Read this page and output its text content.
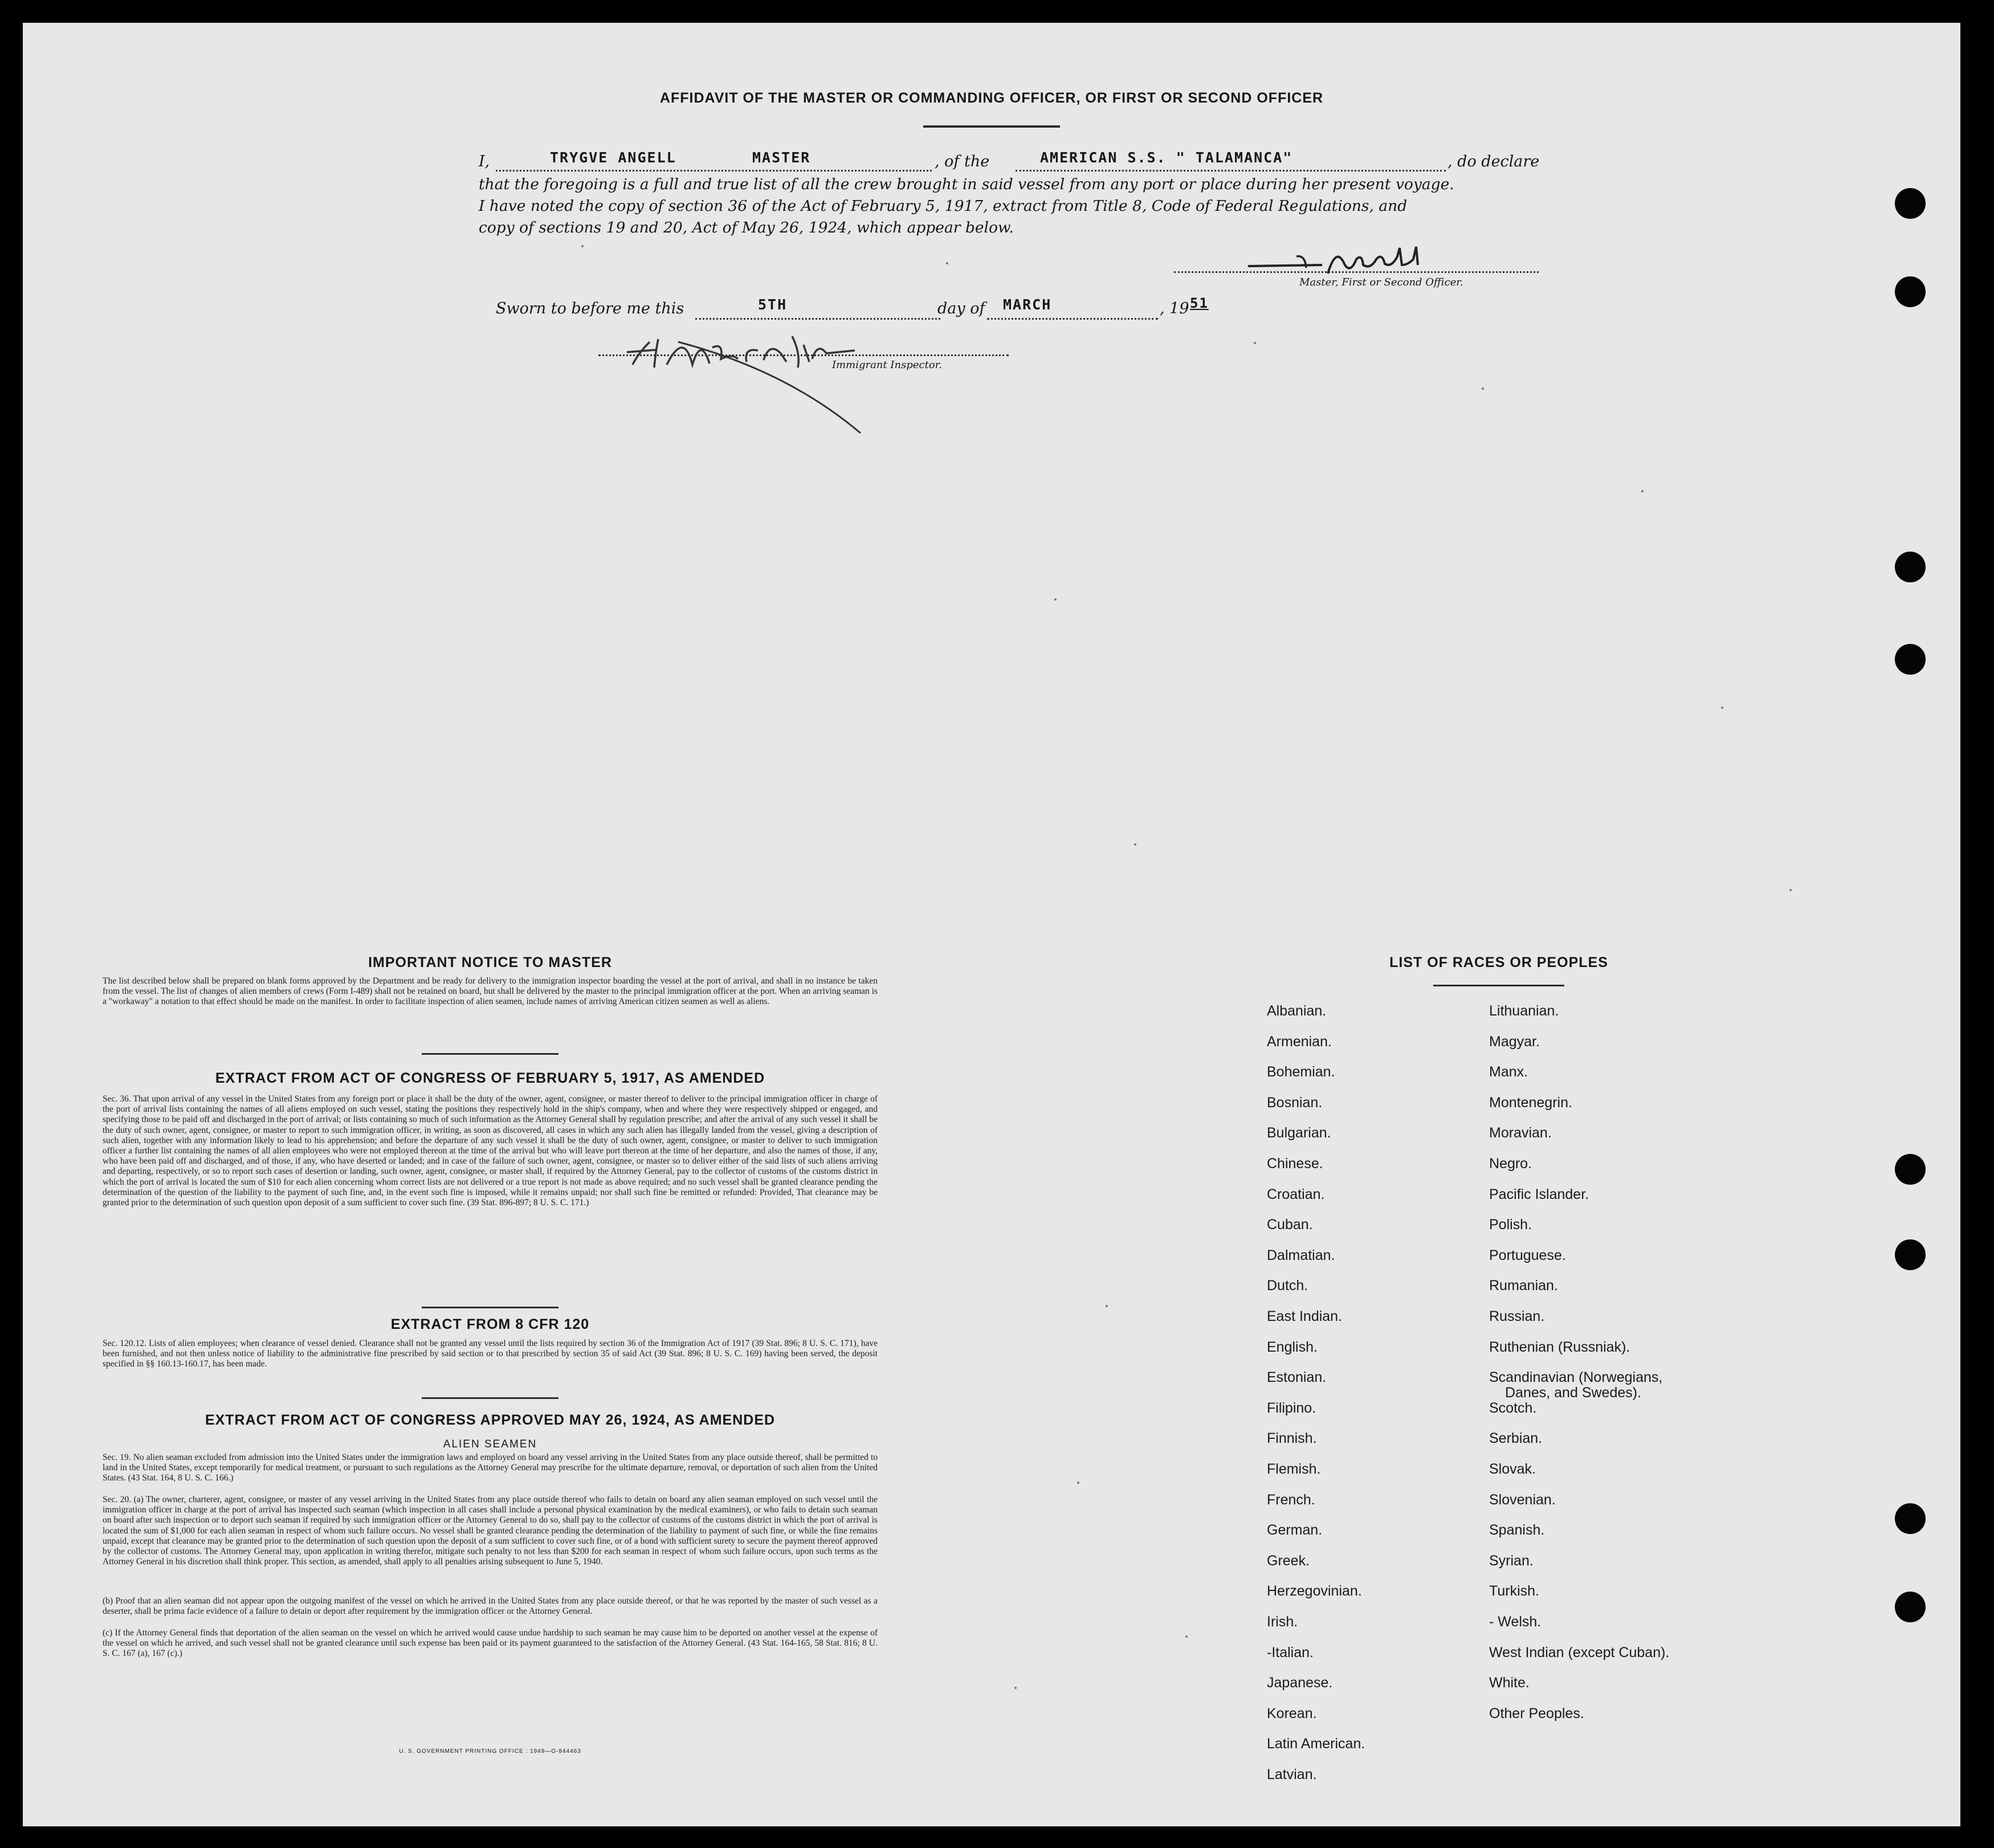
AFFIDAVIT OF THE MASTER OR COMMANDING OFFICER, OR FIRST OR SECOND OFFICER
I,	TRYGVE ANGELL	MASTER	, of the	AMERICAN S.S. " TALAMANCA"	, do declare
that the foregoing is a full and true list of all the crew brought in said vessel from any port or place during her present voyage.
I have noted the copy of section 36 of the Act of February 5, 1917, extract from Title 8, Code of Federal Regulations, and
copy of sections 19 and 20, Act of May 26, 1924, which appear below.
Master, First or Second Officer.
Sworn to before me this	5TH	day of MARCH	, 19 51
Immigrant Inspector.
IMPORTANT NOTICE TO MASTER
The list described below shall be prepared on blank forms approved by the Department and be ready for delivery to the immigration inspector boarding the vessel at the port of arrival, and shall in no instance be taken from the vessel. The list of changes of alien members of crews (Form I-489) shall not be retained on board, but shall be delivered by the master to the principal immigration officer at the port. When an arriving seaman is a "workaway" a notation to that effect should be made on the manifest. In order to facilitate inspection of alien seamen, include names of arriving American citizen seamen as well as aliens.
EXTRACT FROM ACT OF CONGRESS OF FEBRUARY 5, 1917, AS AMENDED
Sec. 36. That upon arrival of any vessel in the United States from any foreign port or place it shall be the duty of the owner, agent, consignee, or master thereof to deliver to the principal immigration officer in charge of the port of arrival lists containing the names of all aliens employed on such vessel, stating the positions they respectively hold in the ship's company, when and where they were respectively shipped or engaged, and specifying those to be paid off and discharged in the port of arrival; or lists containing so much of such information as the Attorney General shall by regulation prescribe; and after the arrival of any such vessel it shall be the duty of such owner, agent, consignee, or master to report to such immigration officer, in writing, as soon as discovered, all cases in which any such alien has illegally landed from the vessel, giving a description of such alien, together with any information likely to lead to his apprehension; and before the departure of any such vessel it shall be the duty of such owner, agent, consignee, or master to deliver to such immigration officer a further list containing the names of all alien employees who were not employed thereon at the time of the arrival but who will leave port thereon at the time of her departure, and also the names of those, if any, who have been paid off and discharged, and of those, if any, who have deserted or landed; and in case of the failure of such owner, agent, consignee, or master so to deliver either of the said lists of such aliens arriving and departing, respectively, or so to report such cases of desertion or landing, such owner, agent, consignee, or master shall, if required by the Attorney General, pay to the collector of customs of the customs district in which the port of arrival is located the sum of $10 for each alien concerning whom correct lists are not delivered or a true report is not made as above required; and no such vessel shall be granted clearance pending the determination of the question of the liability to the payment of such fine, and, in the event such fine is imposed, while it remains unpaid; nor shall such fine be remitted or refunded: Provided, That clearance may be granted prior to the determination of such question upon deposit of a sum sufficient to cover such fine. (39 Stat. 896-897; 8 U. S. C. 171.)
EXTRACT FROM 8 CFR 120
Sec. 120.12. Lists of alien employees; when clearance of vessel denied. Clearance shall not be granted any vessel until the lists required by section 36 of the Immigration Act of 1917 (39 Stat. 896; 8 U. S. C. 171), have been furnished, and not then unless notice of liability to the administrative fine prescribed by said section or to that prescribed by section 35 of said Act (39 Stat. 896; 8 U. S. C. 169) having been served, the deposit specified in §§ 160.13-160.17, has been made.
EXTRACT FROM ACT OF CONGRESS APPROVED MAY 26, 1924, AS AMENDED
ALIEN SEAMEN
Sec. 19. No alien seaman excluded from admission into the United States under the immigration laws and employed on board any vessel arriving in the United States from any place outside thereof, shall be permitted to land in the United States, except temporarily for medical treatment, or pursuant to such regulations as the Attorney General may prescribe for the ultimate departure, removal, or deportation of such alien from the United States. (43 Stat. 164, 8 U. S. C. 166.)
Sec. 20. (a) The owner, charterer, agent, consignee, or master of any vessel arriving in the United States from any place outside thereof who fails to detain on board any alien seaman employed on such vessel until the immigration officer in charge at the port of arrival has inspected such seaman (which inspection in all cases shall include a personal physical examination by the medical examiners), or who fails to detain such seaman on board after such inspection or to deport such seaman if required by such immigration officer or the Attorney General to do so, shall pay to the collector of customs of the customs district in which the port of arrival is located the sum of $1,000 for each alien seaman in respect of whom such failure occurs. No vessel shall be granted clearance pending the determination of the liability to payment of such fine, or while the fine remains unpaid, except that clearance may be granted prior to the determination of such question upon the deposit of a sum sufficient to cover such fine, or of a bond with sufficient surety to secure the payment thereof approved by the collector of customs. The Attorney General may, upon application in writing therefor, mitigate such penalty to not less than $200 for each seaman in respect of whom such failure occurs, upon such terms as the Attorney General in his discretion shall think proper. This section, as amended, shall apply to all penalties arising subsequent to June 5, 1940.
(b) Proof that an alien seaman did not appear upon the outgoing manifest of the vessel on which he arrived in the United States from any place outside thereof, or that he was reported by the master of such vessel as a deserter, shall be prima facie evidence of a failure to detain or deport after requirement by the immigration officer or the Attorney General.
(c) If the Attorney General finds that deportation of the alien seaman on the vessel on which he arrived would cause undue hardship to such seaman he may cause him to be deported on another vessel at the expense of the vessel on which he arrived, and such vessel shall not be granted clearance until such expense has been paid or its payment guaranteed to the satisfaction of the Attorney General. (43 Stat. 164-165, 58 Stat. 816; 8 U. S. C. 167 (a), 167 (c).)
U. S. GOVERNMENT PRINTING OFFICE : 1949—O-844463
LIST OF RACES OR PEOPLES
Albanian.
Armenian.
Bohemian.
Bosnian.
Bulgarian.
Chinese.
Croatian.
Cuban.
Dalmatian.
Dutch.
East Indian.
English.
Estonian.
Filipino.
Finnish.
Flemish.
French.
German.
Greek.
Herzegovinian.
Irish.
-Italian.
Japanese.
Korean.
Latin American.
Latvian.
Lithuanian.
Magyar.
Manx.
Montenegrin.
Moravian.
Negro.
Pacific Islander.
Polish.
Portuguese.
Rumanian.
Russian.
Ruthenian (Russniak).
Scandinavian (Norwegians,
Danes, and Swedes).
Scotch.
Serbian.
Slovak.
Slovenian.
Spanish.
Syrian.
Turkish.
- Welsh.
West Indian (except Cuban).
White.
Other Peoples.
